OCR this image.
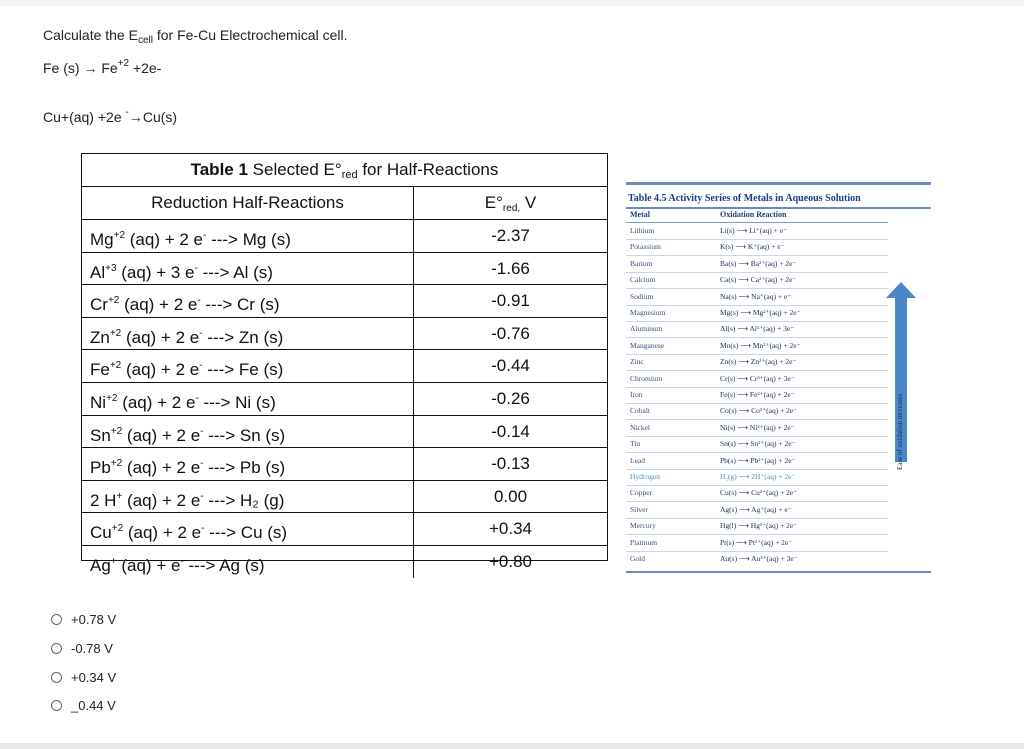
Calculate the $E_{cell}$ for Fe-Cu Electrochemical cell.
Fe $(s) \to Fe^{+2} +2e-$
Cu+(aq) +2e -→Cu(s)
Table 1 Selected $E^\circ_{red}$ for Half-Reactions
Reduction Half-Reactions	$E^\circ_{red,}$ V
$Mg^{+2}$ (aq) + 2 e- ---> Mg (s)	-2.37
$Al^{+3}$ (aq) + 3 e- ---> Al (s)	-1.66
$Cr^{+2}$ (aq) + 2 e- ---> Cr (s)	-0.91
$Zn^{+2}$ (aq) + 2 e- ---> Zn (s)	-0.76
$Fe^{+2}$ (aq) + 2 e- ---> Fe (s)	-0.44
$Ni^{+2}$ (aq) + 2 e- ---> Ni (s)	-0.26
$Sn^{+2}$ (aq) + 2 e- ---> Sn (s)	-0.14
$Pb^{+2}$ (aq) + 2 e- ---> Pb (s)	-0.13
2 H+ (aq) + 2 e- ---> H₂ (g)	0.00
$Cu^{+2}$ (aq) + 2 e- ---> Cu (s)	+0.34
Ag+ (aq) + e- ---> Ag (s)	+0.80
Table 4.5 Activity Series of Metals in Aqueous Solution
Metal	Oxidation Reaction
Lithium	Li(s) ⟶ Li⁺(aq) + e⁻
Potassium	K(s) ⟶ K⁺(aq) + e⁻
Barium	Ba(s) ⟶ Ba²⁺(aq) + 2e⁻
Calcium	Ca(s) ⟶ Ca²⁺(aq) + 2e⁻
Sodium	Na(s) ⟶ Na⁺(aq) + e⁻
Magnesium	Mg(s) ⟶ Mg²⁺(aq) + 2e⁻
Aluminum	Al(s) ⟶ Al³⁺(aq) + 3e⁻
Manganese	Mn(s) ⟶ Mn²⁺(aq) + 2e⁻
Zinc	Zn(s) ⟶ Zn²⁺(aq) + 2e⁻
Chromium	Cr(s) ⟶ Cr³⁺(aq) + 3e⁻
Iron	Fe(s) ⟶ Fe²⁺(aq) + 2e⁻
Cobalt	Co(s) ⟶ Co²⁺(aq) + 2e⁻
Nickel	Ni(s) ⟶ Ni²⁺(aq) + 2e⁻
Tin	Sn(s) ⟶ Sn²⁺(aq) + 2e⁻
Lead	Pb(s) ⟶ Pb²⁺(aq) + 2e⁻
Hydrogen	H₂(g) ⟶ 2H⁺(aq) + 2e⁻
Copper	Cu(s) ⟶ Cu²⁺(aq) + 2e⁻
Silver	Ag(s) ⟶ Ag⁺(aq) + e⁻
Mercury	Hg(l) ⟶ Hg²⁺(aq) + 2e⁻
Platinum	Pt(s) ⟶ Pt²⁺(aq) + 2e⁻
Gold	Au(s) ⟶ Au³⁺(aq) + 3e⁻
Ease of oxidation increases
+0.78 V
-0.78 V
+0.34 V
_0.44 V
